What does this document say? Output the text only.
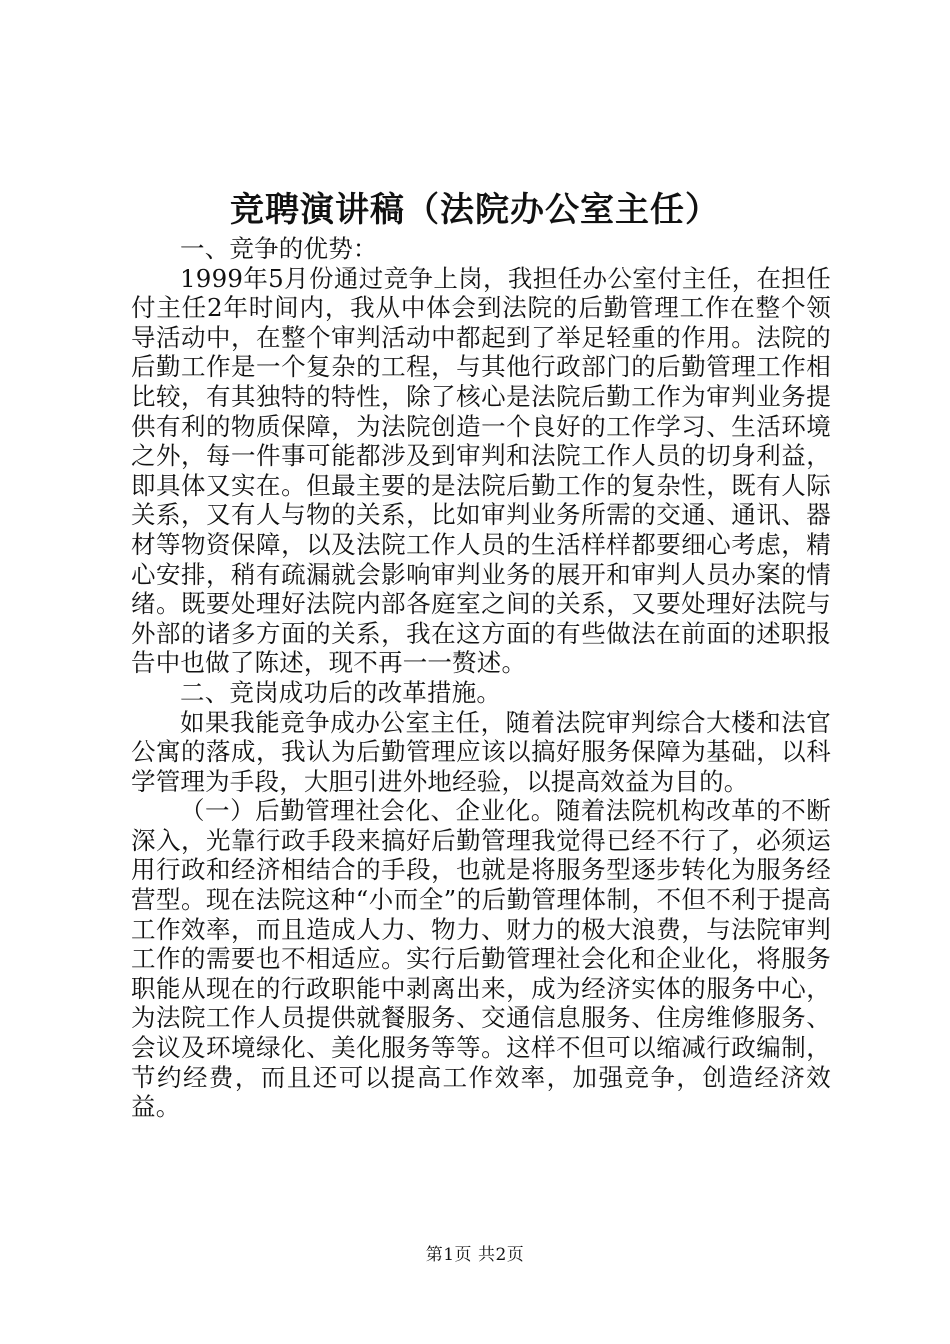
竞聘演讲稿（法院办公室主任）

一、竞争的优势：

1999年5月份通过竞争上岗，我担任办公室付主任，在担任付主任2年时间内，我从中体会到法院的后勤管理工作在整个领导活动中，在整个审判活动中都起到了举足轻重的作用。法院的后勤工作是一个复杂的工程，与其他行政部门的后勤管理工作相比较，有其独特的特性，除了核心是法院后勤工作为审判业务提供有利的物质保障，为法院创造一个良好的工作学习、生活环境之外，每一件事可能都涉及到审判和法院工作人员的切身利益，即具体又实在。但最主要的是法院后勤工作的复杂性，既有人际关系，又有人与物的关系，比如审判业务所需的交通、通讯、器材等物资保障，以及法院工作人员的生活样样都要细心考虑，精心安排，稍有疏漏就会影响审判业务的展开和审判人员办案的情绪。既要处理好法院内部各庭室之间的关系，又要处理好法院与外部的诸多方面的关系，我在这方面的有些做法在前面的述职报告中也做了陈述，现不再一一赘述。

二、竞岗成功后的改革措施。

如果我能竞争成办公室主任，随着法院审判综合大楼和法官公寓的落成，我认为后勤管理应该以搞好服务保障为基础，以科学管理为手段，大胆引进外地经验，以提高效益为目的。

（一）后勤管理社会化、企业化。随着法院机构改革的不断深入，光靠行政手段来搞好后勤管理我觉得已经不行了，必须运用行政和经济相结合的手段，也就是将服务型逐步转化为服务经营型。现在法院这种“小而全”的后勤管理体制，不但不利于提高工作效率，而且造成人力、物力、财力的极大浪费，与法院审判工作的需要也不相适应。实行后勤管理社会化和企业化，将服务职能从现在的行政职能中剥离出来，成为经济实体的服务中心，为法院工作人员提供就餐服务、交通信息服务、住房维修服务、会议及环境绿化、美化服务等等。这样不但可以缩减行政编制，节约经费，而且还可以提高工作效率，加强竞争，创造经济效益。

第1页 共2页
